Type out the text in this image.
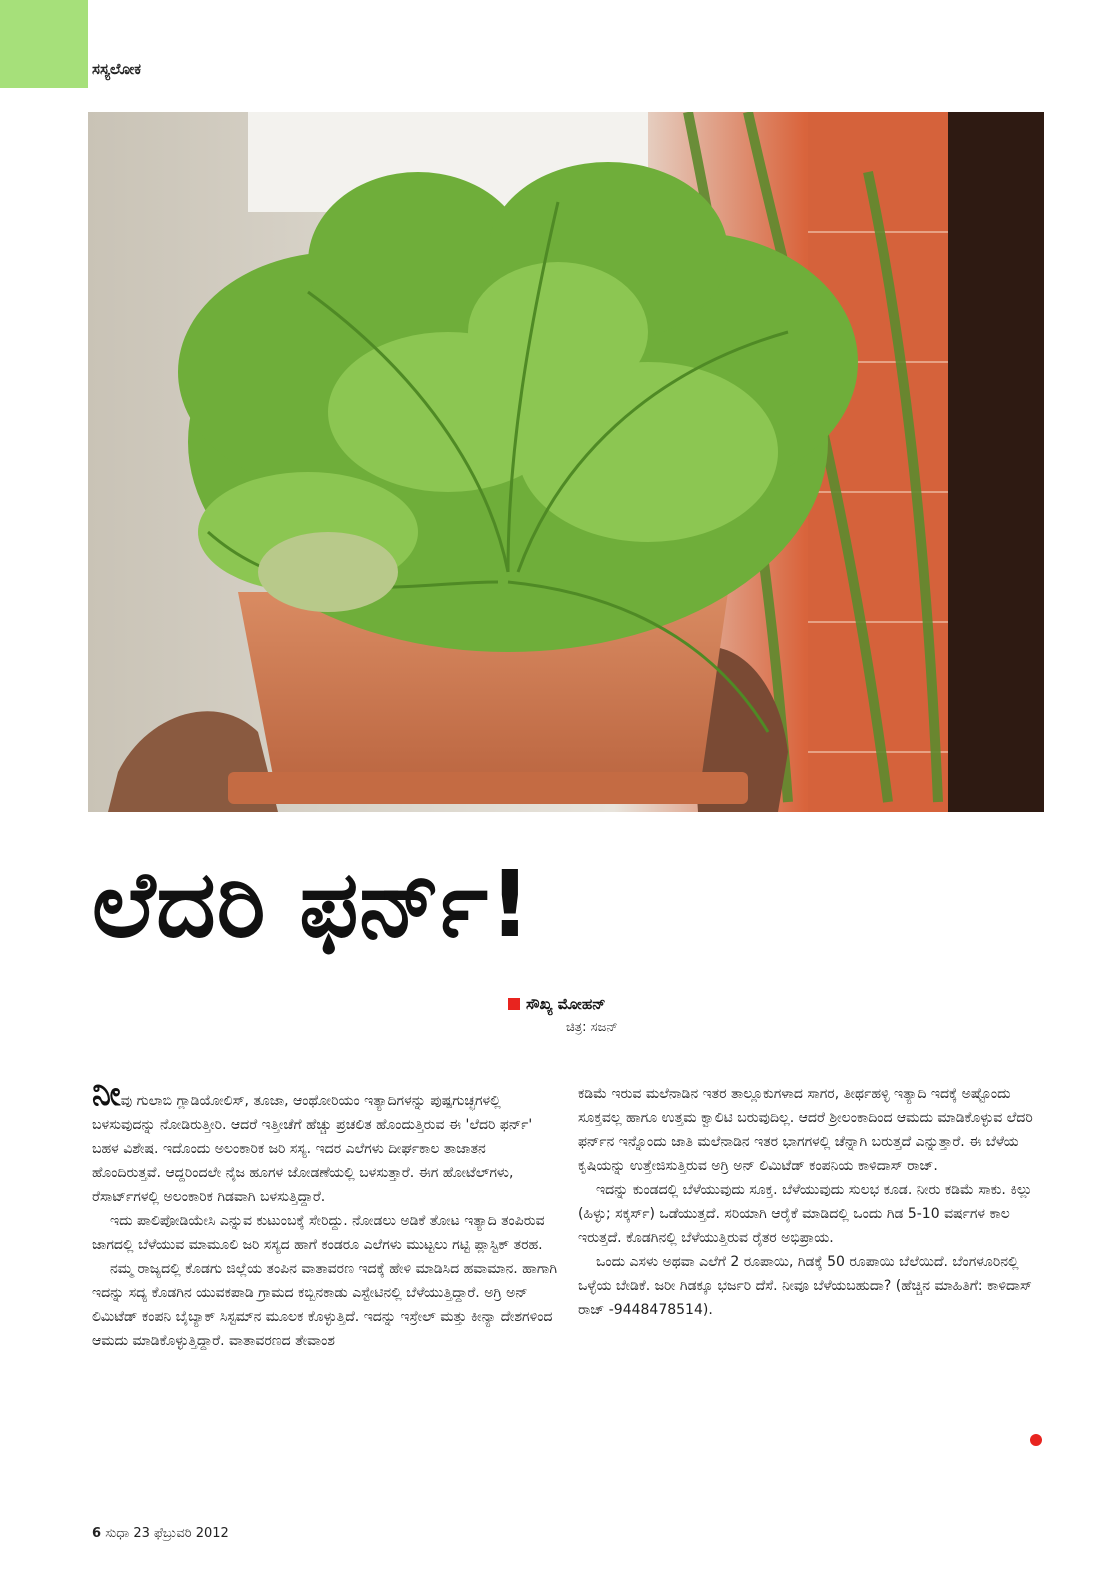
ಸಸ್ಯಲೋಕ
ಲೆದರಿ ಫರ್ನ್‌!
ಸೌಖ್ಯ ಮೋಹನ್
ಚಿತ್ರ: ಸಜನ್

ನೀವು ಗುಲಾಬಿ ಗ್ಲಾಡಿಯೋಲಿಸ್, ತೂಜಾ, ಆಂಥೋರಿಯಂ ಇತ್ಯಾದಿಗಳನ್ನು ಪುಷ್ಪಗುಚ್ಛಗಳಲ್ಲಿ ಬಳಸುವುದನ್ನು ನೋಡಿರುತ್ತೀರಿ. ಆದರೆ ಇತ್ತೀಚೆಗೆ ಹೆಚ್ಚು ಪ್ರಚಲಿತ ಹೊಂದುತ್ತಿರುವ ಈ 'ಲೆದರಿ ಫರ್ನ್' ಬಹಳ ವಿಶೇಷ. ಇದೊಂದು ಅಲಂಕಾರಿಕ ಜರಿ ಸಸ್ಯ. ಇದರ ಎಲೆಗಳು ದೀರ್ಘಕಾಲ ತಾಜಾತನ ಹೊಂದಿರುತ್ತವೆ. ಆದ್ದರಿಂದಲೇ ನೈಜ ಹೂಗಳ ಜೋಡಣೆಯಲ್ಲಿ ಬಳಸುತ್ತಾರೆ. ಈಗ ಹೋಟೆಲ್‌ಗಳು, ರೆಸಾರ್ಟ್‌ಗಳಲ್ಲಿ ಅಲಂಕಾರಿಕ ಗಿಡವಾಗಿ ಬಳಸುತ್ತಿದ್ದಾರೆ.

ಇದು ಪಾಲಿಪೋಡಿಯೇಸಿ ಎನ್ನುವ ಕುಟುಂಬಕ್ಕೆ ಸೇರಿದ್ದು. ನೋಡಲು ಅಡಿಕೆ ತೋಟ ಇತ್ಯಾದಿ ತಂಪಿರುವ ಜಾಗದಲ್ಲಿ ಬೆಳೆಯುವ ಮಾಮೂಲಿ ಜರಿ ಸಸ್ಯದ ಹಾಗೆ ಕಂಡರೂ ಎಲೆಗಳು ಮುಟ್ಟಲು ಗಟ್ಟಿ ಪ್ಲಾಸ್ಟಿಕ್ ತರಹ.

ನಮ್ಮ ರಾಜ್ಯದಲ್ಲಿ ಕೊಡಗು ಜಿಲ್ಲೆಯ ತಂಪಿನ ವಾತಾವರಣ ಇದಕ್ಕೆ ಹೇಳಿ ಮಾಡಿಸಿದ ಹವಾಮಾನ. ಹಾಗಾಗಿ ಇದನ್ನು ಸದ್ಯ ಕೊಡಗಿನ ಯುವಕಪಾಡಿ ಗ್ರಾಮದ ಕಬ್ಬಿನಕಾಡು ಎಸ್ಟೇಟಿನಲ್ಲಿ ಬೆಳೆಯುತ್ತಿದ್ದಾರೆ. ಅಗ್ರಿ ಅನ್ ಲಿಮಿಟೆಡ್ ಕಂಪನಿ ಬೈಬ್ಯಾಕ್ ಸಿಸ್ಟಮ್‌ನ ಮೂಲಕ ಕೊಳ್ಳುತ್ತಿದೆ. ಇದನ್ನು ಇಸ್ರೇಲ್ ಮತ್ತು ಕೀನ್ಯಾ ದೇಶಗಳಿಂದ ಆಮದು ಮಾಡಿಕೊಳ್ಳುತ್ತಿದ್ದಾರೆ. ವಾತಾವರಣದ ತೇವಾಂಶ

ಕಡಿಮೆ ಇರುವ ಮಲೆನಾಡಿನ ಇತರ ತಾಲ್ಲೂಕುಗಳಾದ ಸಾಗರ, ತೀರ್ಥಹಳ್ಳಿ ಇತ್ಯಾದಿ ಇದಕ್ಕೆ ಅಷ್ಟೊಂದು ಸೂಕ್ತವಲ್ಲ ಹಾಗೂ ಉತ್ತಮ ಕ್ವಾಲಿಟಿ ಬರುವುದಿಲ್ಲ. ಆದರೆ ಶ್ರೀಲಂಕಾದಿಂದ ಆಮದು ಮಾಡಿಕೊಳ್ಳುವ ಲೆದರಿ ಫರ್ನ್‌ನ ಇನ್ನೊಂದು ಜಾತಿ ಮಲೆನಾಡಿನ ಇತರ ಭಾಗಗಳಲ್ಲಿ ಚೆನ್ನಾಗಿ ಬರುತ್ತದೆ ಎನ್ನುತ್ತಾರೆ. ಈ ಬೆಳೆಯ ಕೃಷಿಯನ್ನು ಉತ್ತೇಜಿಸುತ್ತಿರುವ ಅಗ್ರಿ ಅನ್ ಲಿಮಿಟೆಡ್ ಕಂಪನಿಯ ಕಾಳಿದಾಸ್ ರಾಜ್.

ಇದನ್ನು ಕುಂಡದಲ್ಲಿ ಬೆಳೆಯುವುದು ಸೂಕ್ತ. ಬೆಳೆಯುವುದು ಸುಲಭ ಕೂಡ. ನೀರು ಕಡಿಮೆ ಸಾಕು. ಕಿಲ್ಲು (ಹಿಳ್ಳು; ಸಕ್ಕರ್ಸ್) ಒಡೆಯುತ್ತದೆ. ಸರಿಯಾಗಿ ಆರೈಕೆ ಮಾಡಿದಲ್ಲಿ ಒಂದು ಗಿಡ 5-10 ವರ್ಷಗಳ ಕಾಲ ಇರುತ್ತದೆ. ಕೊಡಗಿನಲ್ಲಿ ಬೆಳೆಯುತ್ತಿರುವ ರೈತರ ಅಭಿಪ್ರಾಯ.

ಒಂದು ಎಸಳು ಅಥವಾ ಎಲೆಗೆ 2 ರೂಪಾಯಿ, ಗಿಡಕ್ಕೆ 50 ರೂಪಾಯಿ ಬೆಲೆಯಿದೆ. ಬೆಂಗಳೂರಿನಲ್ಲಿ ಒಳ್ಳೆಯ ಬೇಡಿಕೆ. ಜರೀ ಗಿಡಕ್ಕೂ ಭರ್ಜರಿ ದೆಸೆ. ನೀವೂ ಬೆಳೆಯಬಹುದಾ? (ಹೆಚ್ಚಿನ ಮಾಹಿತಿಗೆ: ಕಾಳಿದಾಸ್ ರಾಜ್ -9448478514).

6 ಸುಧಾ 23 ಫೆಬ್ರುವರಿ 2012
